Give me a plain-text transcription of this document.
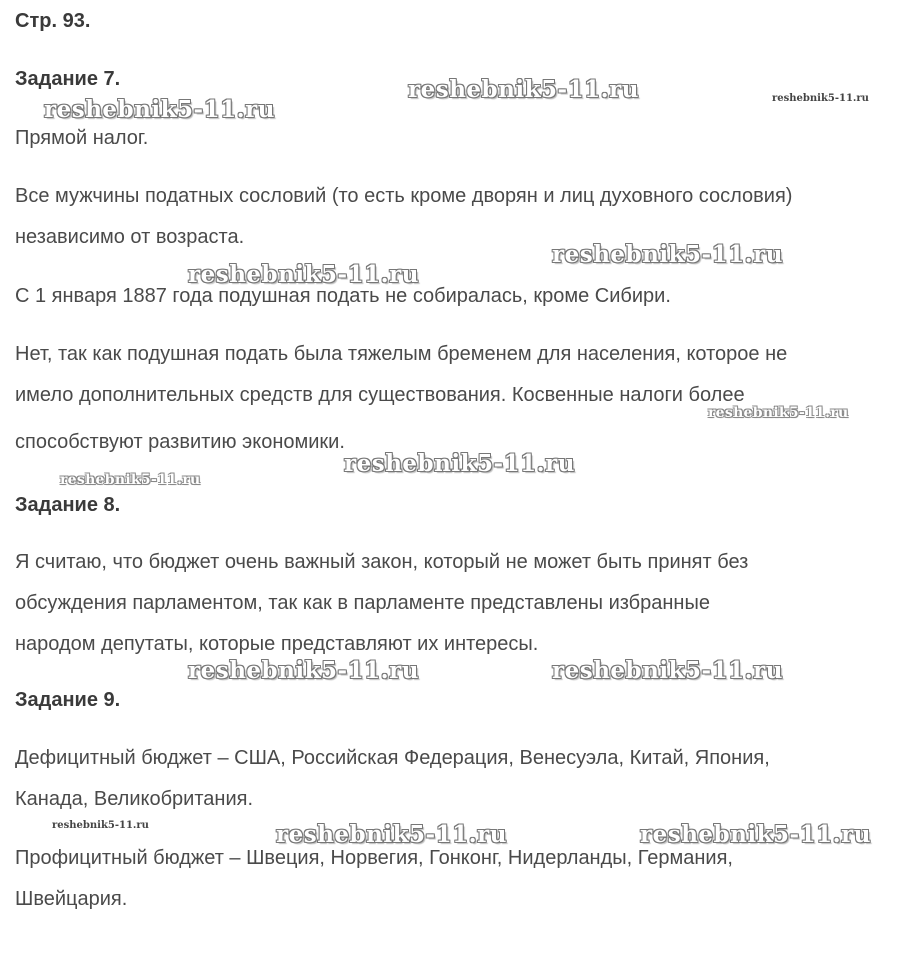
Стр. 93.
Задание 7.
Прямой налог.
Все мужчины податных сословий (то есть кроме дворян и лиц духовного сословия)
независимо от возраста.
С 1 января 1887 года подушная подать не собиралась, кроме Сибири.
Нет, так как подушная подать была тяжелым бременем для населения, которое не
имело дополнительных средств для существования. Косвенные налоги более
способствуют развитию экономики.
Задание 8.
Я считаю, что бюджет очень важный закон, который не может быть принят без
обсуждения парламентом, так как в парламенте представлены избранные
народом депутаты, которые представляют их интересы.
Задание 9.
Дефицитный бюджет – США, Российская Федерация, Венесуэла, Китай, Япония,
Канада, Великобритания.
Профицитный бюджет – Швеция, Норвегия, Гонконг, Нидерланды, Германия,
Швейцария.
reshebnik5-11.ru
reshebnik5-11.ru	reshebnik5-11.ru
reshebnik5-11.ru
reshebnik5-11.ru
reshebnik5-11.ru
reshebnik5-11.ru
reshebnik5-11.ru
reshebnik5-11.ru	reshebnik5-11.ru
reshebnik5-11.ru	reshebnik5-11.ru	reshebnik5-11.ru
